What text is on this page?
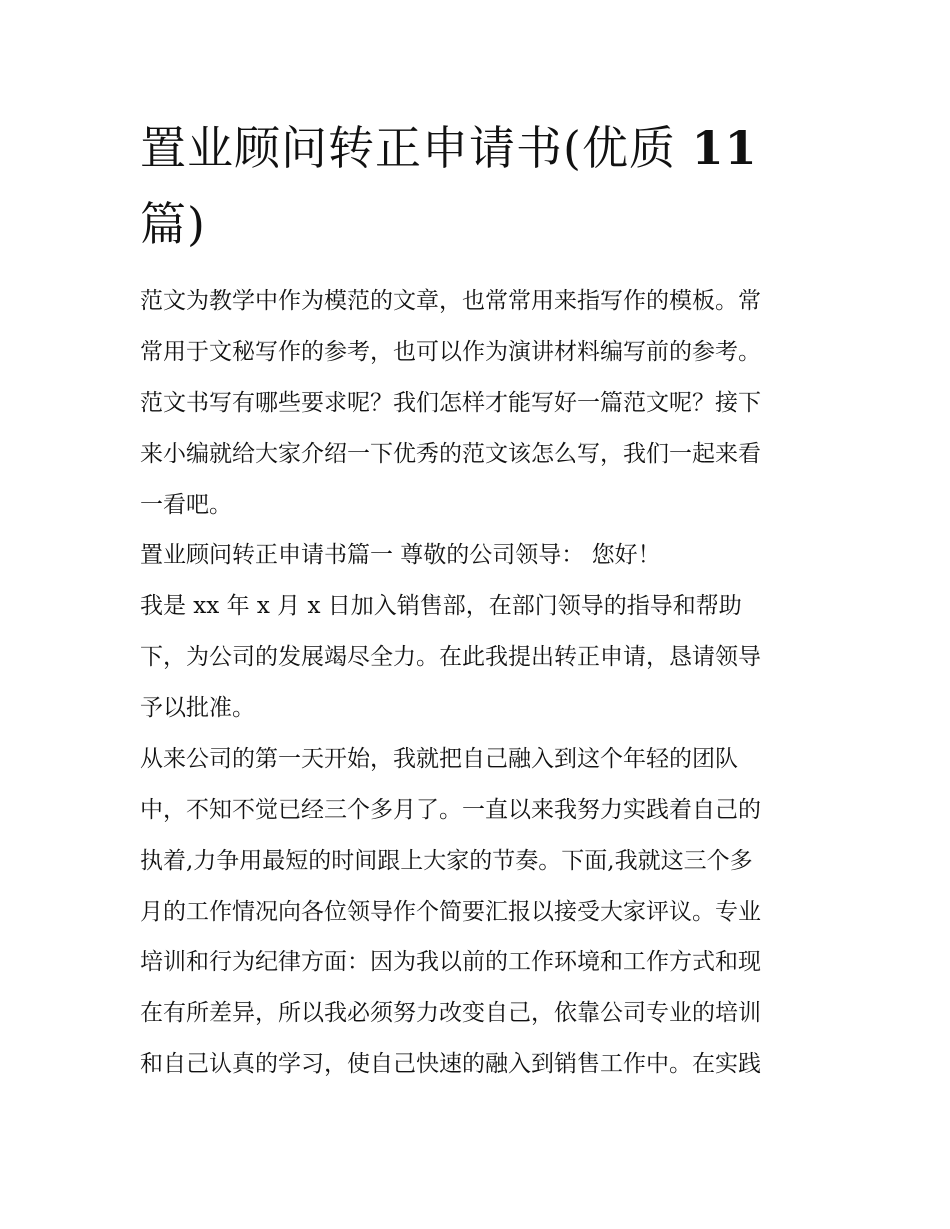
置业顾问转正申请书(优质 11
篇)

范文为教学中作为模范的文章，也常常用来指写作的模板。常

常用于文秘写作的参考，也可以作为演讲材料编写前的参考。

范文书写有哪些要求呢？我们怎样才能写好一篇范文呢？接下

来小编就给大家介绍一下优秀的范文该怎么写，我们一起来看

一看吧。

置业顾问转正申请书篇一 尊敬的公司领导： 您好！

我是 xx 年 x 月 x 日加入销售部，在部门领导的指导和帮助

下，为公司的发展竭尽全力。在此我提出转正申请，恳请领导

予以批准。

从来公司的第一天开始，我就把自己融入到这个年轻的团队

中，不知不觉已经三个多月了。一直以来我努力实践着自己的

执着,力争用最短的时间跟上大家的节奏。下面,我就这三个多

月的工作情况向各位领导作个简要汇报以接受大家评议。专业

培训和行为纪律方面：因为我以前的工作环境和工作方式和现

在有所差异，所以我必须努力改变自己，依靠公司专业的培训

和自己认真的学习，使自己快速的融入到销售工作中。在实践
